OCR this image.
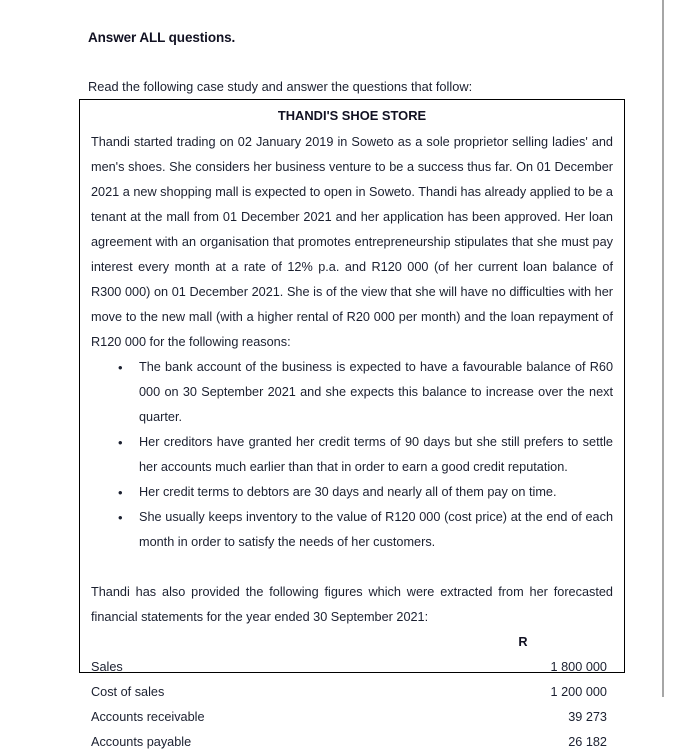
Answer ALL questions.
Read the following case study and answer the questions that follow:
THANDI'S SHOE STORE

Thandi started trading on 02 January 2019 in Soweto as a sole proprietor selling ladies' and men's shoes. She considers her business venture to be a success thus far. On 01 December 2021 a new shopping mall is expected to open in Soweto. Thandi has already applied to be a tenant at the mall from 01 December 2021 and her application has been approved. Her loan agreement with an organisation that promotes entrepreneurship stipulates that she must pay interest every month at a rate of 12% p.a. and R120 000 (of her current loan balance of R300 000) on 01 December 2021. She is of the view that she will have no difficulties with her move to the new mall (with a higher rental of R20 000 per month) and the loan repayment of R120 000 for the following reasons:

• The bank account of the business is expected to have a favourable balance of R60 000 on 30 September 2021 and she expects this balance to increase over the next quarter.
• Her creditors have granted her credit terms of 90 days but she still prefers to settle her accounts much earlier than that in order to earn a good credit reputation.
• Her credit terms to debtors are 30 days and nearly all of them pay on time.
• She usually keeps inventory to the value of R120 000 (cost price) at the end of each month in order to satisfy the needs of her customers.

Thandi has also provided the following figures which were extracted from her forecasted financial statements for the year ended 30 September 2021:

	R
Sales	1 800 000
Cost of sales	1 200 000
Accounts receivable	39 273
Accounts payable	26 182
